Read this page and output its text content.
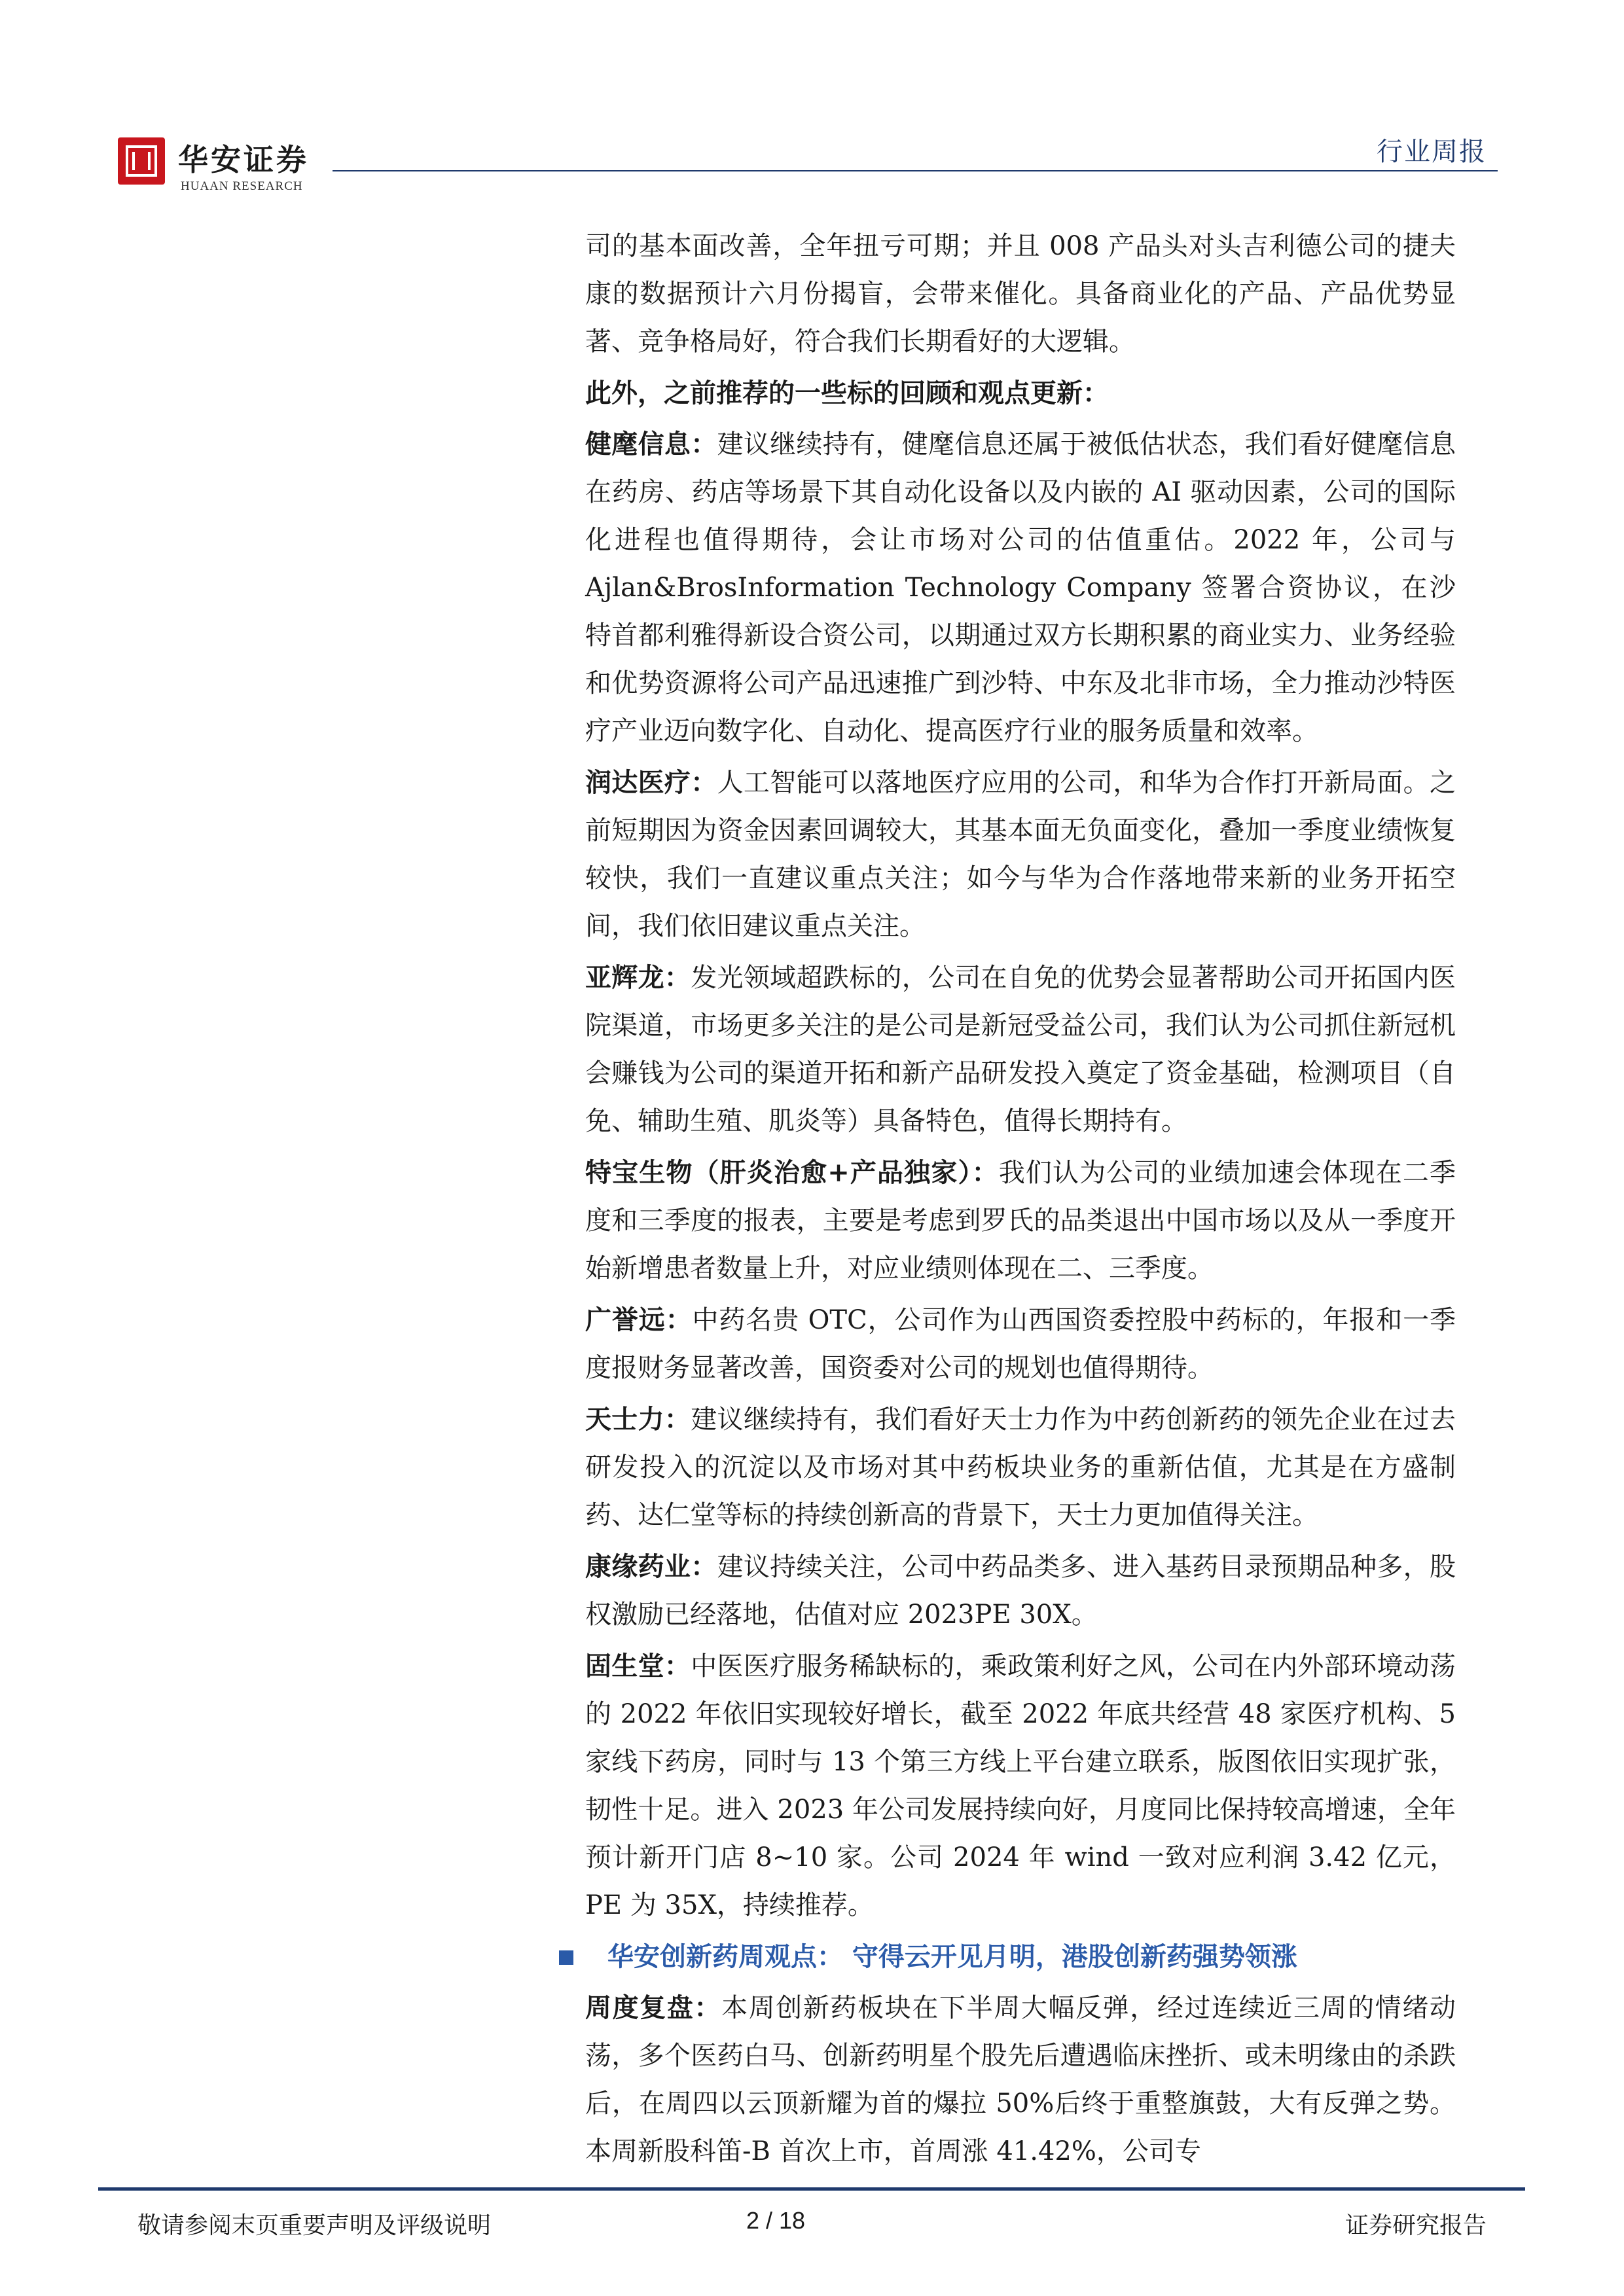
华安证券
HUAAN RESEARCH
行业周报

司的基本面改善，全年扭亏可期；并且 008 产品头对头吉利德公司的捷夫康的数据预计六月份揭盲，会带来催化。具备商业化的产品、产品优势显著、竞争格局好，符合我们长期看好的大逻辑。

此外，之前推荐的一些标的回顾和观点更新：

健麾信息：建议继续持有，健麾信息还属于被低估状态，我们看好健麾信息在药房、药店等场景下其自动化设备以及内嵌的 AI 驱动因素，公司的国际化进程也值得期待，会让市场对公司的估值重估。2022 年，公司与 Ajlan&BrosInformation Technology Company 签署合资协议，在沙特首都利雅得新设合资公司，以期通过双方长期积累的商业实力、业务经验和优势资源将公司产品迅速推广到沙特、中东及北非市场，全力推动沙特医疗产业迈向数字化、自动化、提高医疗行业的服务质量和效率。

润达医疗：人工智能可以落地医疗应用的公司，和华为合作打开新局面。之前短期因为资金因素回调较大，其基本面无负面变化，叠加一季度业绩恢复较快，我们一直建议重点关注；如今与华为合作落地带来新的业务开拓空间，我们依旧建议重点关注。

亚辉龙：发光领域超跌标的，公司在自免的优势会显著帮助公司开拓国内医院渠道，市场更多关注的是公司是新冠受益公司，我们认为公司抓住新冠机会赚钱为公司的渠道开拓和新产品研发投入奠定了资金基础，检测项目（自免、辅助生殖、肌炎等）具备特色，值得长期持有。

特宝生物（肝炎治愈+产品独家）：我们认为公司的业绩加速会体现在二季度和三季度的报表，主要是考虑到罗氏的品类退出中国市场以及从一季度开始新增患者数量上升，对应业绩则体现在二、三季度。

广誉远：中药名贵 OTC，公司作为山西国资委控股中药标的，年报和一季度报财务显著改善，国资委对公司的规划也值得期待。

天士力：建议继续持有，我们看好天士力作为中药创新药的领先企业在过去研发投入的沉淀以及市场对其中药板块业务的重新估值，尤其是在方盛制药、达仁堂等标的持续创新高的背景下，天士力更加值得关注。

康缘药业：建议持续关注，公司中药品类多、进入基药目录预期品种多，股权激励已经落地，估值对应 2023PE 30X。

固生堂：中医医疗服务稀缺标的，乘政策利好之风，公司在内外部环境动荡的 2022 年依旧实现较好增长，截至 2022 年底共经营 48 家医疗机构、5 家线下药房，同时与 13 个第三方线上平台建立联系，版图依旧实现扩张，韧性十足。进入 2023 年公司发展持续向好，月度同比保持较高增速，全年预计新开门店 8~10 家。公司 2024 年 wind 一致对应利润 3.42 亿元，PE 为 35X，持续推荐。

华安创新药周观点： 守得云开见月明，港股创新药强势领涨

周度复盘：本周创新药板块在下半周大幅反弹，经过连续近三周的情绪动荡，多个医药白马、创新药明星个股先后遭遇临床挫折、或未明缘由的杀跌后，在周四以云顶新耀为首的爆拉 50%后终于重整旗鼓，大有反弹之势。本周新股科笛-B 首次上市，首周涨 41.42%，公司专

敬请参阅末页重要声明及评级说明	2 / 18	证券研究报告
